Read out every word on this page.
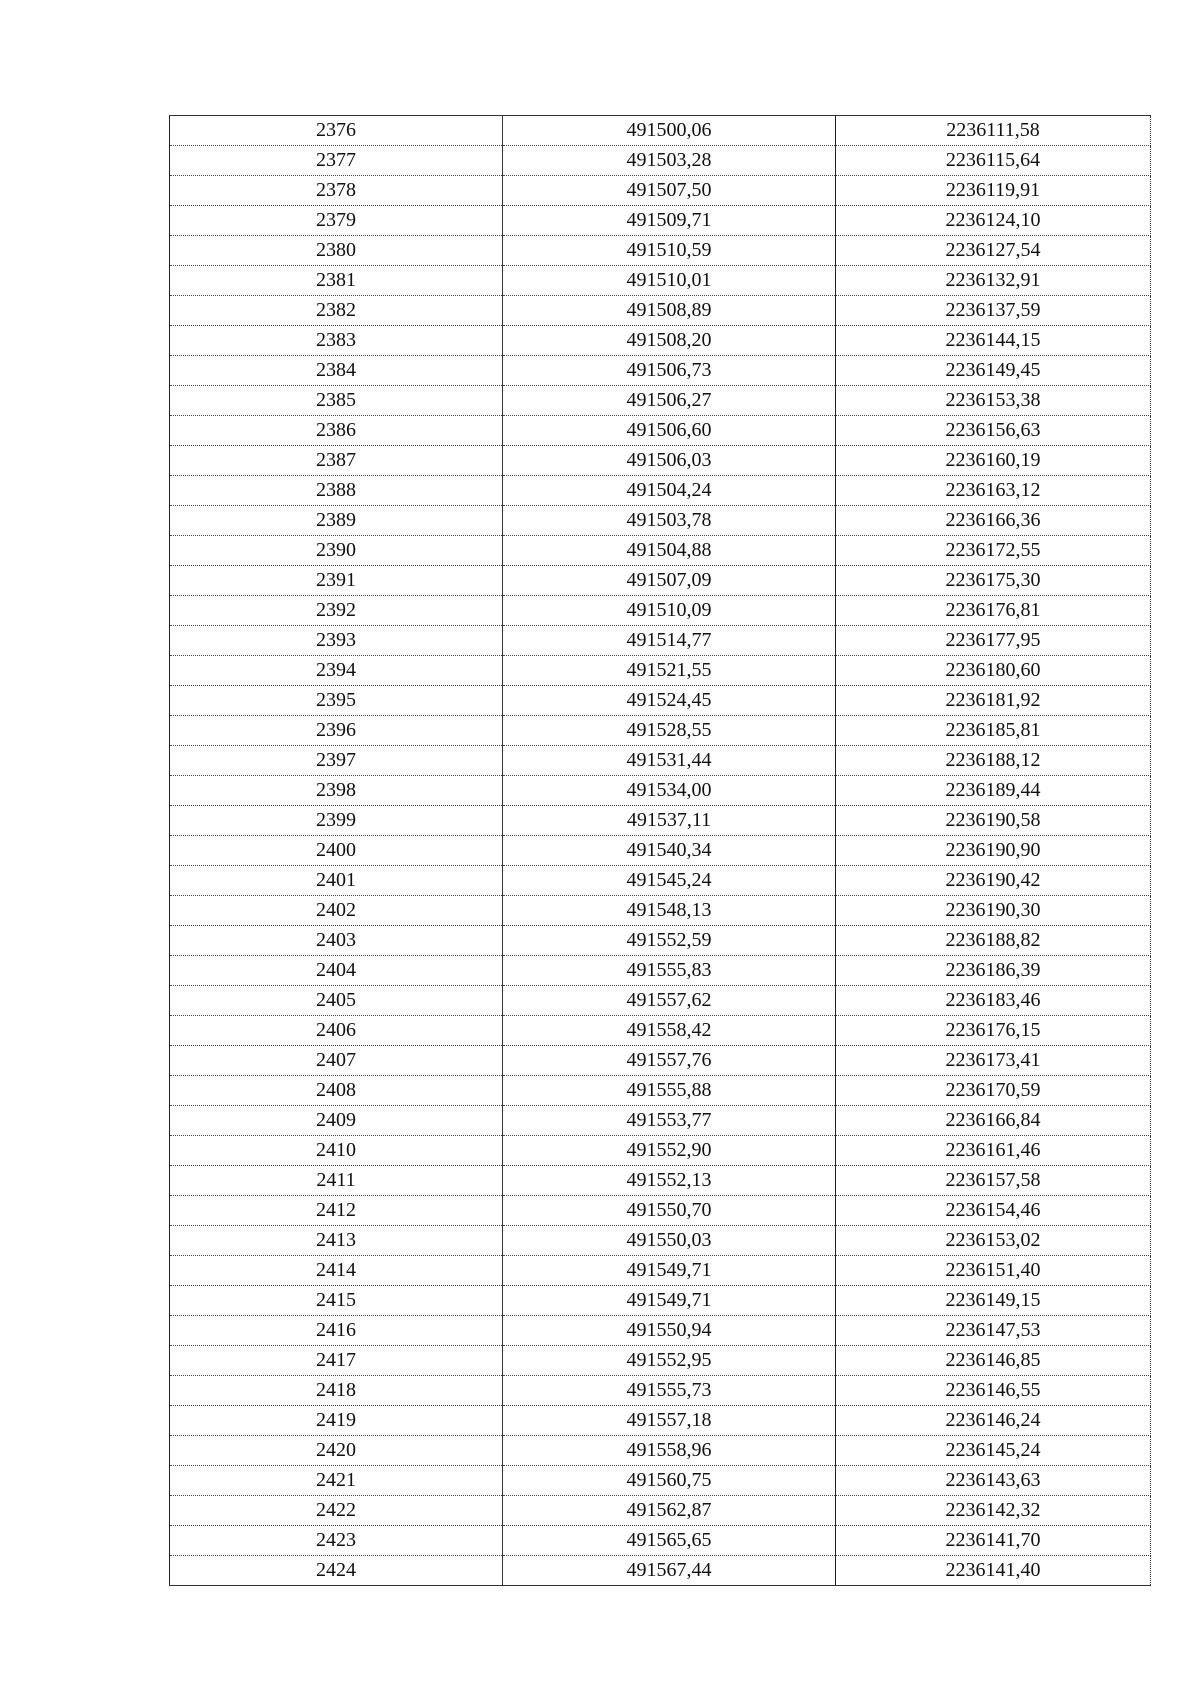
2376	491500,06	2236111,58
2377	491503,28	2236115,64
2378	491507,50	2236119,91
2379	491509,71	2236124,10
2380	491510,59	2236127,54
2381	491510,01	2236132,91
2382	491508,89	2236137,59
2383	491508,20	2236144,15
2384	491506,73	2236149,45
2385	491506,27	2236153,38
2386	491506,60	2236156,63
2387	491506,03	2236160,19
2388	491504,24	2236163,12
2389	491503,78	2236166,36
2390	491504,88	2236172,55
2391	491507,09	2236175,30
2392	491510,09	2236176,81
2393	491514,77	2236177,95
2394	491521,55	2236180,60
2395	491524,45	2236181,92
2396	491528,55	2236185,81
2397	491531,44	2236188,12
2398	491534,00	2236189,44
2399	491537,11	2236190,58
2400	491540,34	2236190,90
2401	491545,24	2236190,42
2402	491548,13	2236190,30
2403	491552,59	2236188,82
2404	491555,83	2236186,39
2405	491557,62	2236183,46
2406	491558,42	2236176,15
2407	491557,76	2236173,41
2408	491555,88	2236170,59
2409	491553,77	2236166,84
2410	491552,90	2236161,46
2411	491552,13	2236157,58
2412	491550,70	2236154,46
2413	491550,03	2236153,02
2414	491549,71	2236151,40
2415	491549,71	2236149,15
2416	491550,94	2236147,53
2417	491552,95	2236146,85
2418	491555,73	2236146,55
2419	491557,18	2236146,24
2420	491558,96	2236145,24
2421	491560,75	2236143,63
2422	491562,87	2236142,32
2423	491565,65	2236141,70
2424	491567,44	2236141,40
